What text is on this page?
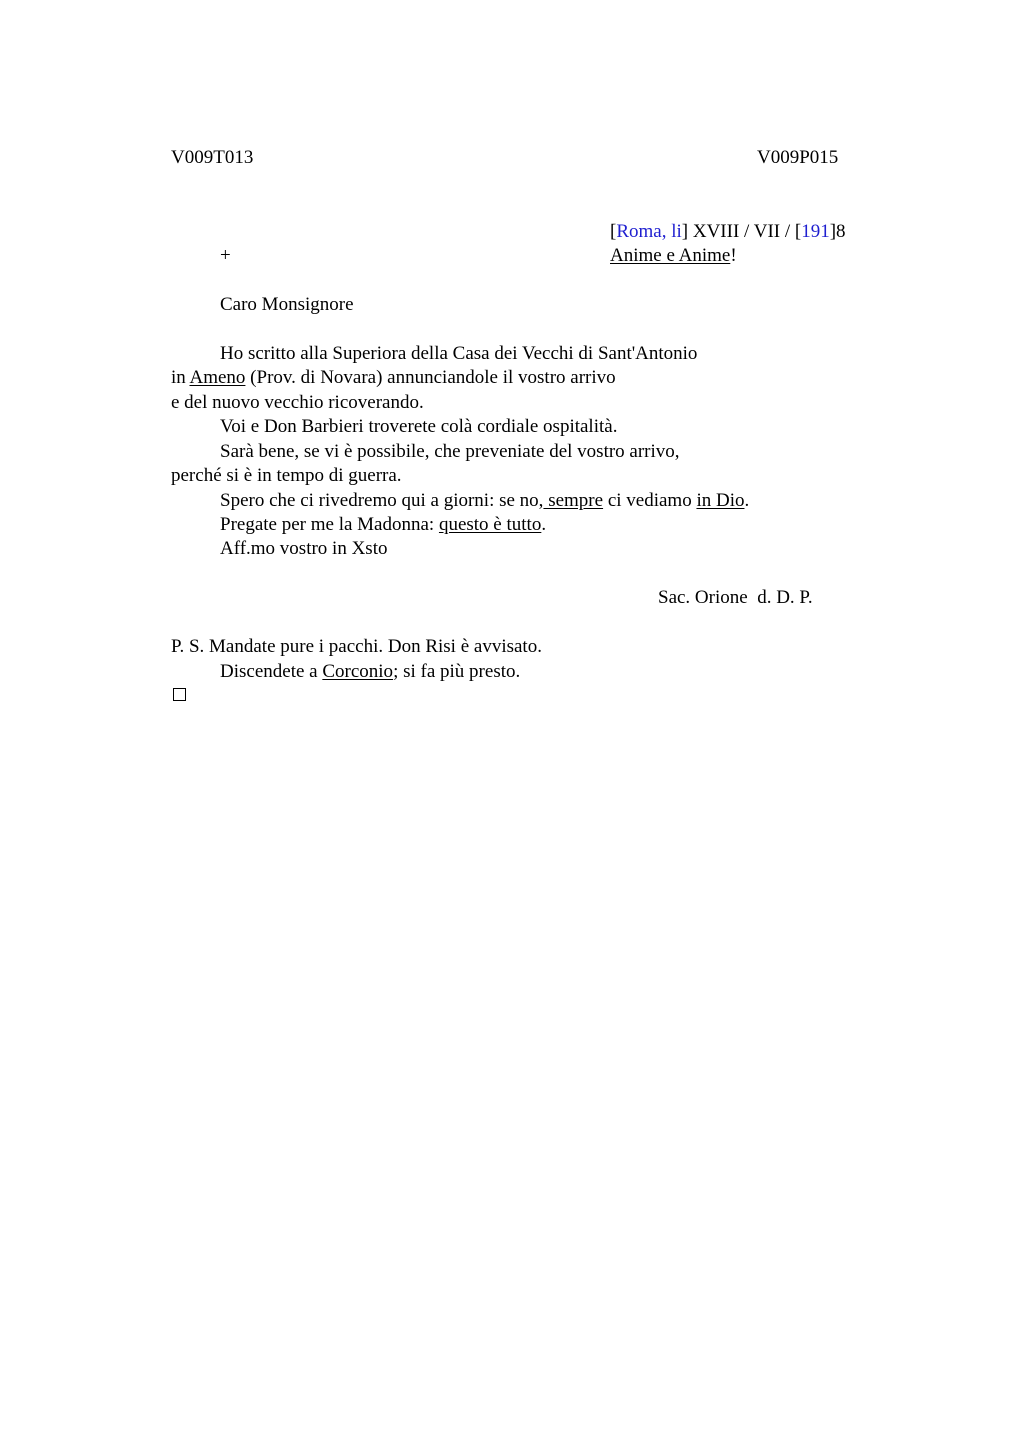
V009T013	V009P015
[Roma, li] XVIII / VII / [191]8
+	Anime e Anime!
Caro Monsignore
Ho scritto alla Superiora della Casa dei Vecchi di Sant'Antonio
in Ameno (Prov. di Novara) annunciandole il vostro arrivo
e del nuovo vecchio ricoverando.
Voi e Don Barbieri troverete colà cordiale ospitalità.
Sarà bene, se vi è possibile, che preveniate del vostro arrivo,
perché si è in tempo di guerra.
Spero che ci rivedremo qui a giorni: se no, sempre ci vediamo in Dio.
Pregate per me la Madonna: questo è tutto.
Aff.mo vostro in Xsto
Sac. Orione  d. D. P.
P. S. Mandate pure i pacchi. Don Risi è avvisato.
Discendete a Corconio; si fa più presto.
